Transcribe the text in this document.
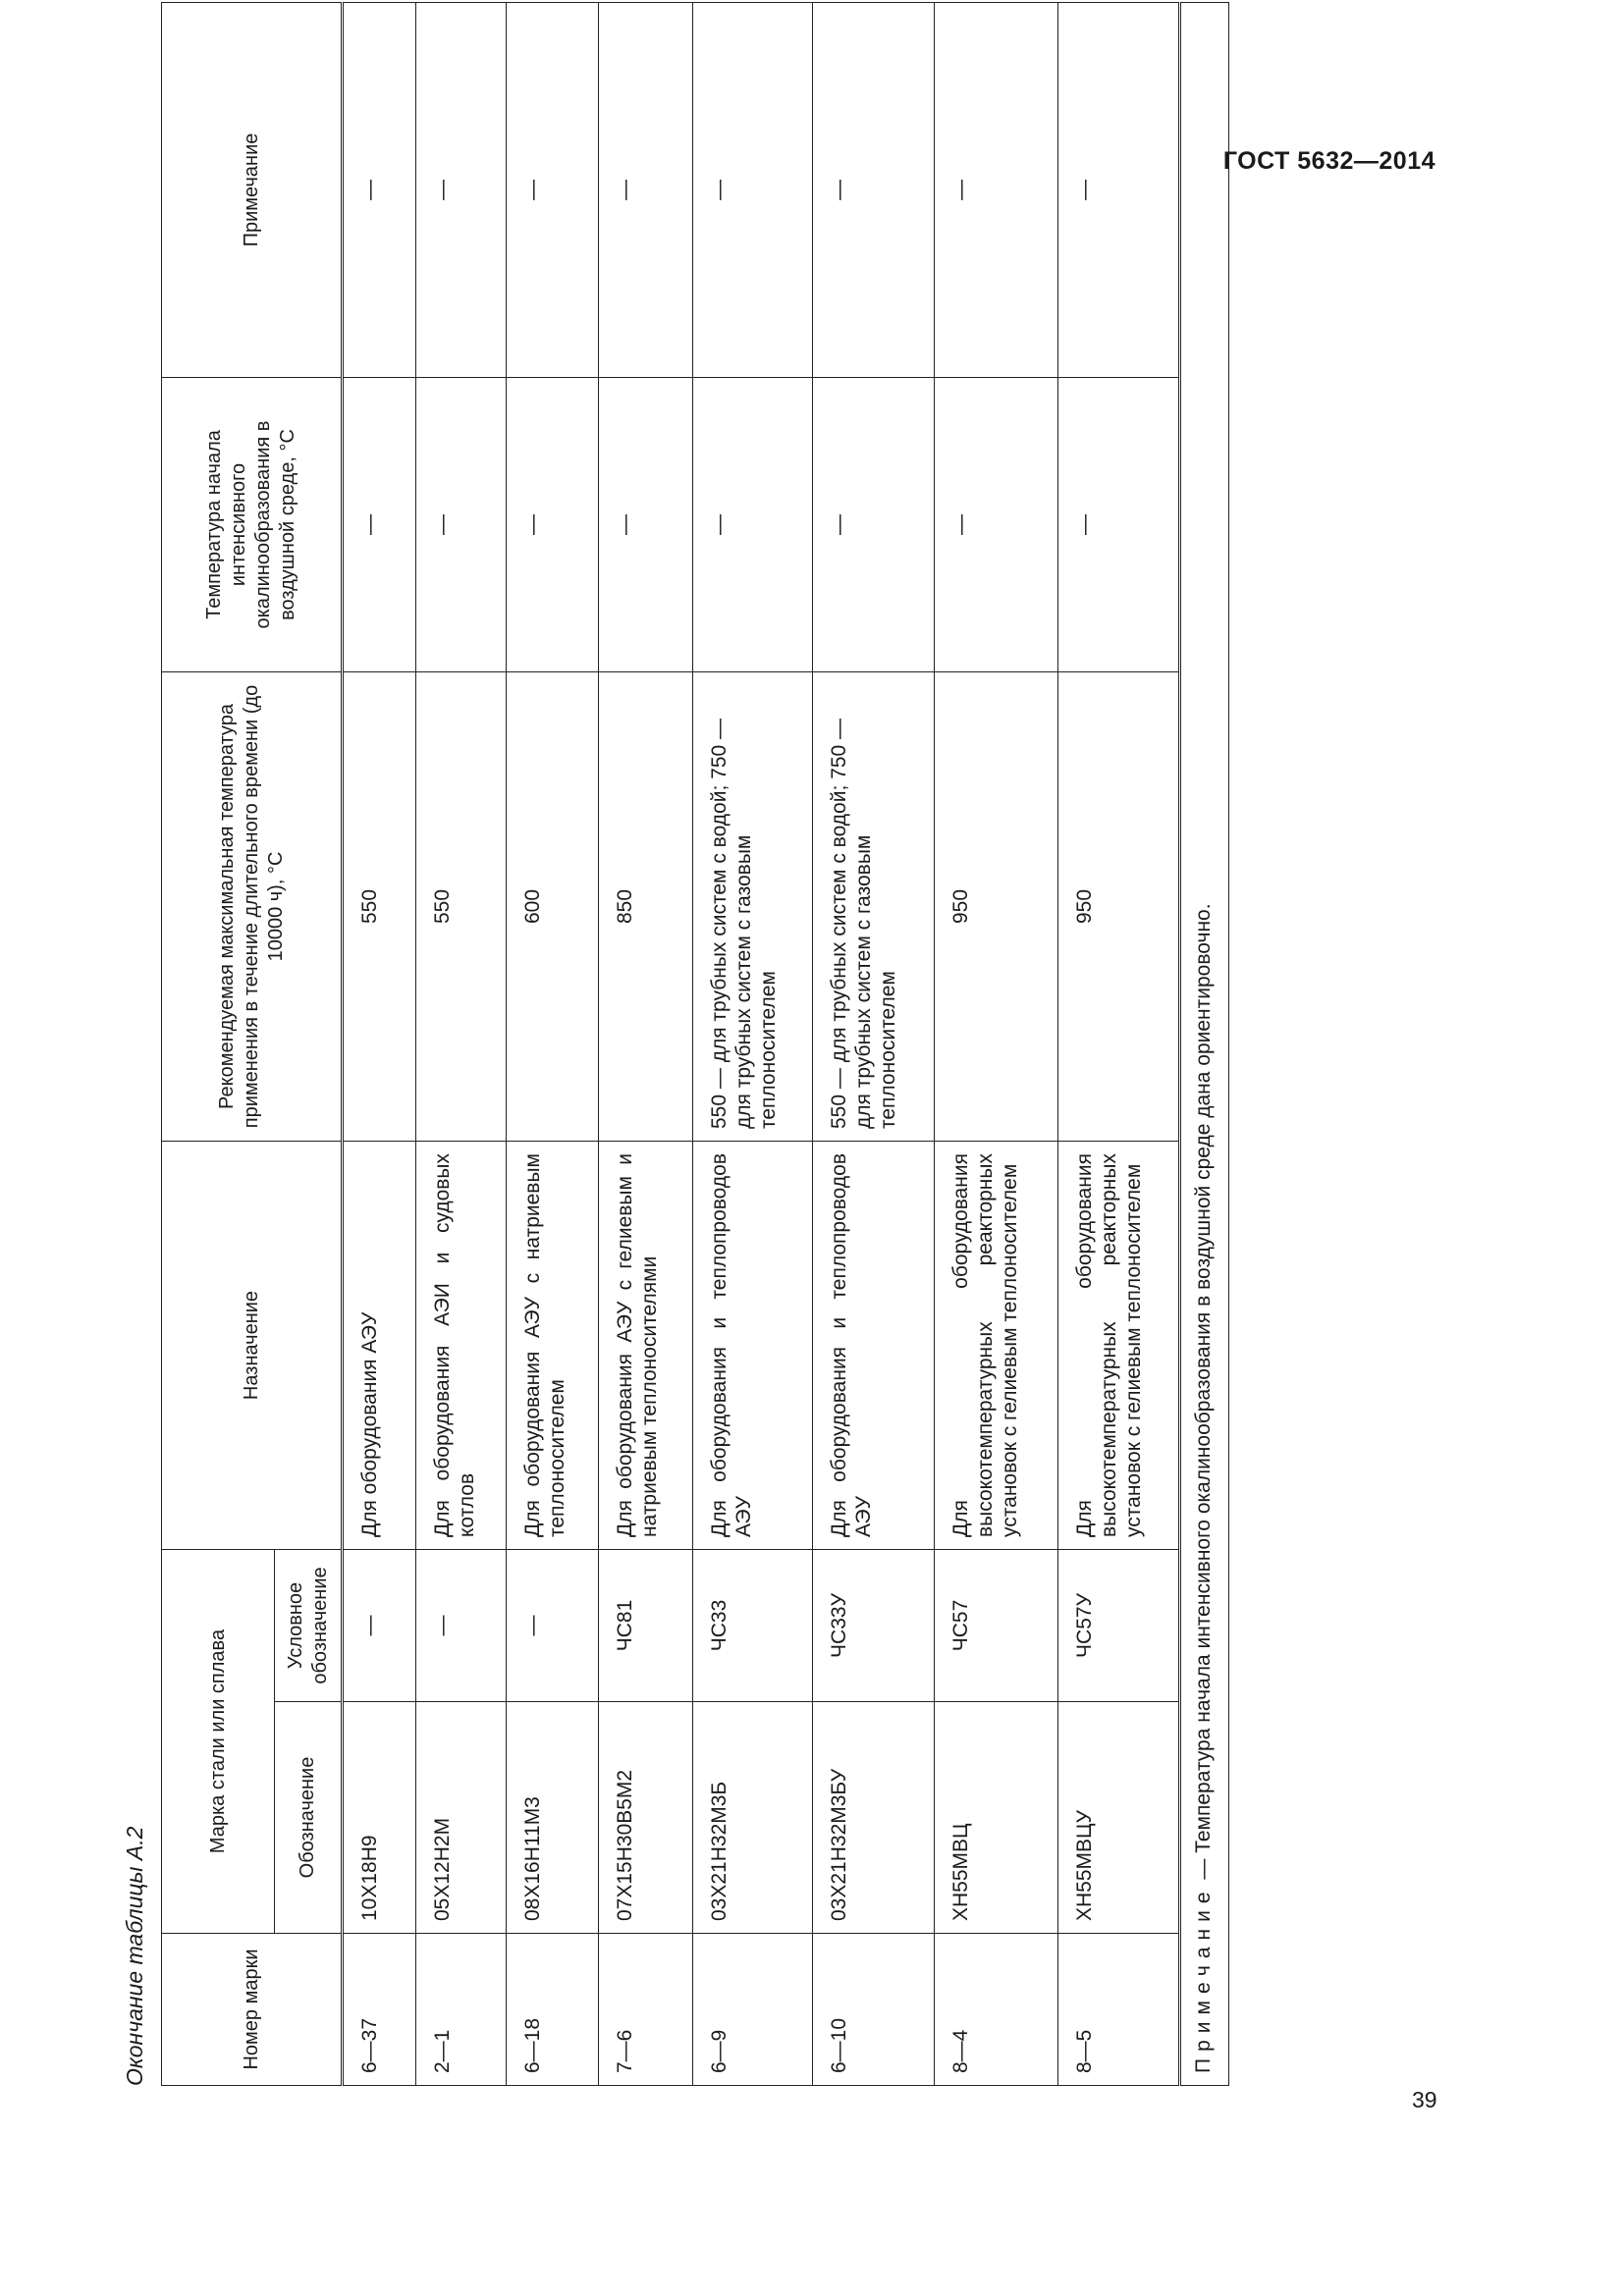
ГОСТ 5632—2014
Окончание таблицы А.2	Номер марки	Марка стали или сплава		Назначение	Рекомендуемая максимальная температура применения в течение длительного времени (до 10000 ч), °С	Температура начала интенсивного окалинообразования в воздушной среде, °С	Примечание
	Обозначение	Условное обозначение				
6—37	10Х18Н9	—	Для оборудования АЭУ	550	—	—
2—1	05Х12Н2М	—	Для оборудования АЭИ и судовых котлов	550	—	—
6—18	08Х16Н11М3	—	Для оборудования АЭУ с натриевым теплоносителем	600	—	—
7—6	07Х15Н30В5М2	ЧС81	Для оборудования АЭУ с гелиевым и натриевым теплоносителями	850	—	—
6—9	03Х21Н32М3Б	ЧС33	Для оборудования и теплопроводов АЭУ	550 — для трубных систем с водой; 750 — для трубных систем с газовым теплоносителем	—	—
6—10	03Х21Н32М3БУ	ЧС33У	Для оборудования и теплопроводов АЭУ	550 — для трубных систем с водой; 750 — для трубных систем с газовым теплоносителем	—	—
8—4	ХН55МВЦ	ЧС57	Для оборудования высокотемпературных реакторных установок с гелиевым теплоносителем	950	—	—
8—5	ХН55МВЦУ	ЧС57У	Для оборудования высокотемпературных реакторных установок с гелиевым теплоносителем	950	—	—
Примечание — Температура начала интенсивного окалинообразования в воздушной среде дана ориентировочно.						
39
